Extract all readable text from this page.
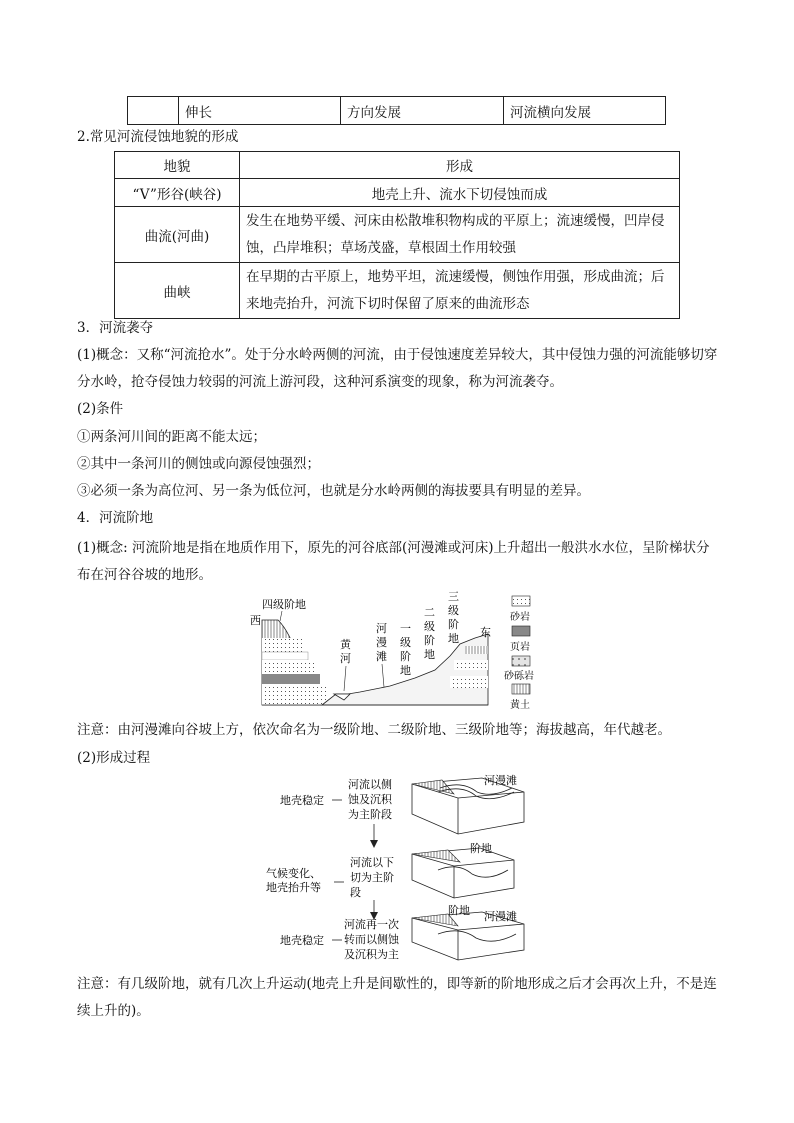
	伸长	方向发展	河流横向发展
2.常见河流侵蚀地貌的形成
地貌	形成
“V”形谷(峡谷)	地壳上升、流水下切侵蚀而成
曲流(河曲)	发生在地势平缓、河床由松散堆积物构成的平原上；流速缓慢，凹岸侵蚀，凸岸堆积；草场茂盛，草根固土作用较强
曲峡	在早期的古平原上，地势平坦，流速缓慢，侧蚀作用强，形成曲流；后来地壳抬升，河流下切时保留了原来的曲流形态
3．河流袭夺
(1)概念：又称“河流抢水”。处于分水岭两侧的河流，由于侵蚀速度差异较大，其中侵蚀力强的河流能够切穿分水岭，抢夺侵蚀力较弱的河流上游河段，这种河系演变的现象，称为河流袭夺。
(2)条件
①两条河川间的距离不能太远；
②其中一条河川的侧蚀或向源侵蚀强烈；
③必须一条为高位河、另一条为低位河，也就是分水岭两侧的海拔要具有明显的差异。
4．河流阶地
(1)概念: 河流阶地是指在地质作用下，原先的河谷底部(河漫滩或河床)上升超出一般洪水水位，呈阶梯状分布在河谷谷坡的地形。
西
四级阶地
东
黄
河
河
漫
滩
一
级
阶
地
二
级
阶
地
三
级
阶
地
砂岩
页岩
砂砾岩
黄土
注意：由河漫滩向谷坡上方，依次命名为一级阶地、二级阶地、三级阶地等；海拔越高，年代越老。
(2)形成过程
地壳稳定
河流以侧
蚀及沉积
为主阶段
河漫滩
气候变化、
地壳抬升等
河流以下
切为主阶
段
阶地
地壳稳定
河流再一次
转而以侧蚀
及沉积为主
阶地 河漫滩
注意：有几级阶地，就有几次上升运动(地壳上升是间歇性的，即等新的阶地形成之后才会再次上升，不是连续上升的)。
